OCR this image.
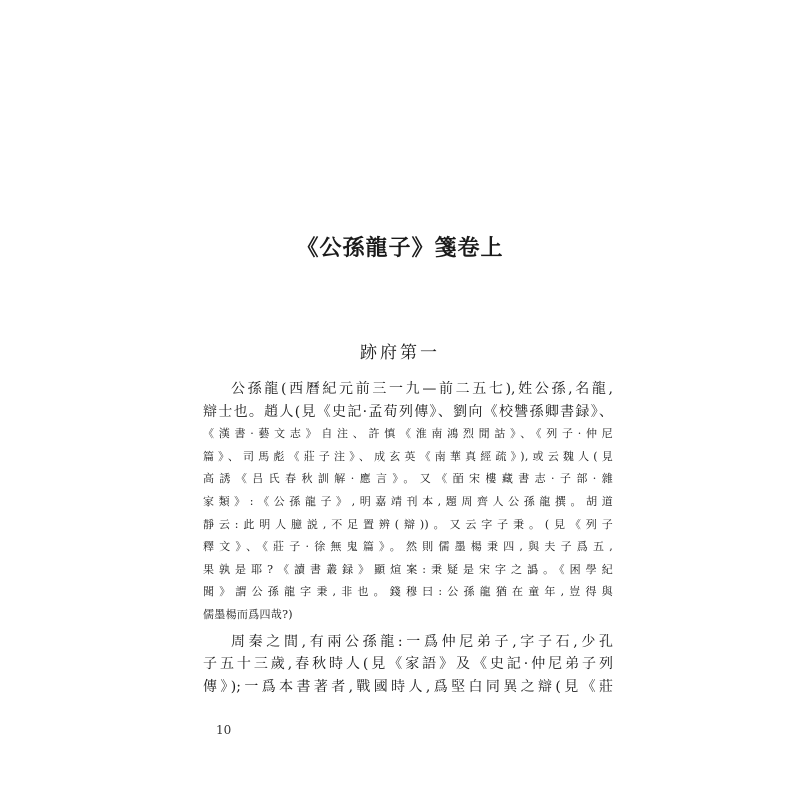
《公孫龍子》箋卷上
跡府第一
公孫龍(西曆紀元前三一九—前二五七),姓公孫,名龍,
辯士也。趙人(見《史記·孟荀列傳》、劉向《校讐孫卿書録》、
《漢書·藝文志》自注、許慎《淮南鴻烈閒詁》、《列子·仲尼
篇》、司馬彪《莊子注》、成玄英《南華真經疏》),或云魏人(見
高誘《吕氏春秋訓解·應言》。又《皕宋樓藏書志·子部·雜
家類》:《公孫龍子》,明嘉靖刊本,題周齊人公孫龍撰。胡道
靜云:此明人臆説,不足置辨(辯))。又云字子秉。(見《列子
釋文》、《莊子·徐無鬼篇》。然則儒墨楊秉四,與夫子爲五,
果孰是耶?《讀書叢録》顯煊案:秉疑是宋字之譌。《困學紀
聞》謂公孫龍字秉,非也。錢穆曰:公孫龍猶在童年,豈得與
儒墨楊而爲四哉?)
周秦之間,有兩公孫龍:一爲仲尼弟子,字子石,少孔
子五十三歲,春秋時人(見《家語》及《史記·仲尼弟子列
傳》);一爲本書著者,戰國時人,爲堅白同異之辯(見《莊
10
